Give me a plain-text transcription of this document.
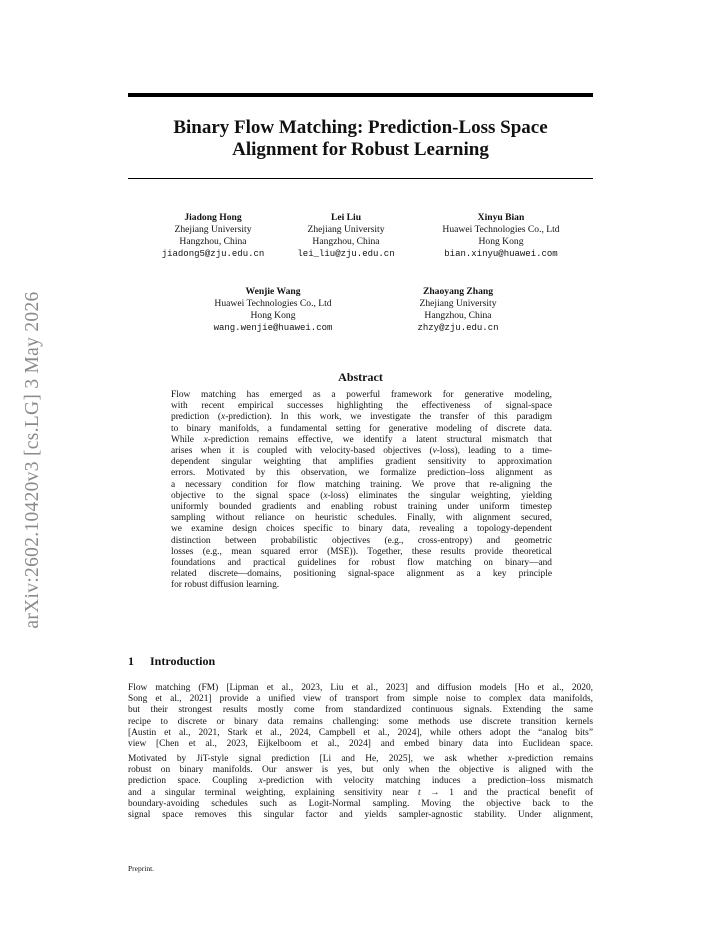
arXiv:2602.10420v3 [cs.LG] 3 May 2026
Binary Flow Matching: Prediction-Loss Space
Alignment for Robust Learning
Jiadong Hong
Zhejiang University
Hangzhou, China
jiadong5@zju.edu.cn
Lei Liu
Zhejiang University
Hangzhou, China
lei_liu@zju.edu.cn
Xinyu Bian
Huawei Technologies Co., Ltd
Hong Kong
bian.xinyu@huawei.com
Wenjie Wang
Huawei Technologies Co., Ltd
Hong Kong
wang.wenjie@huawei.com
Zhaoyang Zhang
Zhejiang University
Hangzhou, China
zhzy@zju.edu.cn
Abstract
Flow matching has emerged as a powerful framework for generative modeling,
with recent empirical successes highlighting the effectiveness of signal-space
prediction (x-prediction). In this work, we investigate the transfer of this paradigm
to binary manifolds, a fundamental setting for generative modeling of discrete data.
While x-prediction remains effective, we identify a latent structural mismatch that
arises when it is coupled with velocity-based objectives (v-loss), leading to a time-
dependent singular weighting that amplifies gradient sensitivity to approximation
errors. Motivated by this observation, we formalize prediction–loss alignment as
a necessary condition for flow matching training. We prove that re-aligning the
objective to the signal space (x-loss) eliminates the singular weighting, yielding
uniformly bounded gradients and enabling robust training under uniform timestep
sampling without reliance on heuristic schedules. Finally, with alignment secured,
we examine design choices specific to binary data, revealing a topology-dependent
distinction between probabilistic objectives (e.g., cross-entropy) and geometric
losses (e.g., mean squared error (MSE)). Together, these results provide theoretical
foundations and practical guidelines for robust flow matching on binary—and
related discrete—domains, positioning signal-space alignment as a key principle
for robust diffusion learning.
1 Introduction
Flow matching (FM) [Lipman et al., 2023, Liu et al., 2023] and diffusion models [Ho et al., 2020,
Song et al., 2021] provide a unified view of transport from simple noise to complex data manifolds,
but their strongest results mostly come from standardized continuous signals. Extending the same
recipe to discrete or binary data remains challenging: some methods use discrete transition kernels
[Austin et al., 2021, Stark et al., 2024, Campbell et al., 2024], while others adopt the “analog bits”
view [Chen et al., 2023, Eijkelboom et al., 2024] and embed binary data into Euclidean space.
Motivated by JiT-style signal prediction [Li and He, 2025], we ask whether x-prediction remains
robust on binary manifolds. Our answer is yes, but only when the objective is aligned with the
prediction space. Coupling x-prediction with velocity matching induces a prediction–loss mismatch
and a singular terminal weighting, explaining sensitivity near t → 1 and the practical benefit of
boundary-avoiding schedules such as Logit-Normal sampling. Moving the objective back to the
signal space removes this singular factor and yields sampler-agnostic stability. Under alignment,
Preprint.
